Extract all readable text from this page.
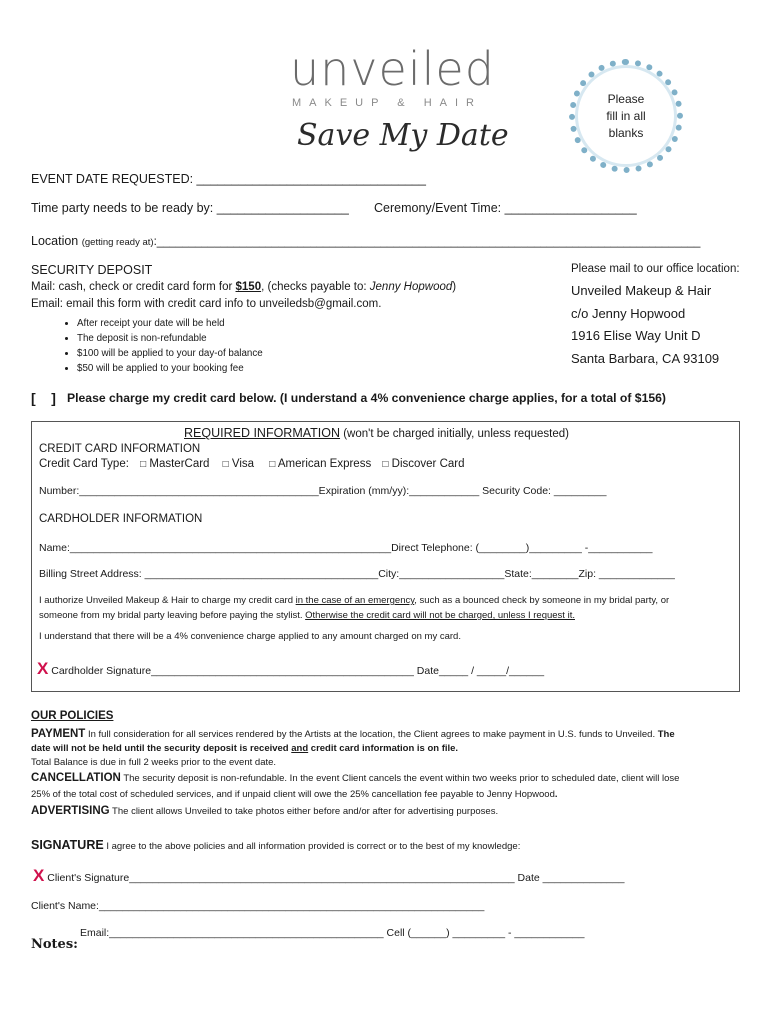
unveiled
MAKEUP & HAIR
Save My Date
Please
fill in all
blanks
EVENT DATE REQUESTED: _________________________________
Time party needs to be ready by: ___________________ Ceremony/Event Time: ___________________
Location (getting ready at):_____________________________________________________________________________________
SECURITY DEPOSIT
Mail: cash, check or credit card form for $150, (checks payable to: Jenny Hopwood)
Email: email this form with credit card info to unveiledsb@gmail.com.
• After receipt your date will be held
• The deposit is non-refundable
• $100 will be applied to your day-of balance
• $50 will be applied to your booking fee
Please mail to our office location:
Unveiled Makeup & Hair
c/o Jenny Hopwood
1916 Elise Way Unit D
Santa Barbara, CA 93109
[    ] Please charge my credit card below. (I understand a 4% convenience charge applies, for a total of $156)
REQUIRED INFORMATION (won't be charged initially, unless requested)
CREDIT CARD INFORMATION
Credit Card Type: □ MasterCard □ Visa □ American Express □ Discover Card
Number:_________________________________________Expiration (mm/yy):____________ Security Code: _________
CARDHOLDER INFORMATION
Name:_______________________________________________________Direct Telephone: (________)_________ -___________
Billing Street Address: ________________________________________City:__________________State:________Zip: _____________
I authorize Unveiled Makeup & Hair to charge my credit card in the case of an emergency, such as a bounced check by someone in my bridal party, or
someone from my bridal party leaving before paying the stylist. Otherwise the credit card will not be charged, unless I request it.
I understand that there will be a 4% convenience charge applied to any amount charged on my card.
X Cardholder Signature_____________________________________________ Date_____ / _____/______
OUR POLICIES
PAYMENT In full consideration for all services rendered by the Artists at the location, the Client agrees to make payment in U.S. funds to Unveiled. The
date will not be held until the security deposit is received and credit card information is on file.
Total Balance is due in full 2 weeks prior to the event date.
CANCELLATION The security deposit is non-refundable. In the event Client cancels the event within two weeks prior to scheduled date, client will lose
25% of the total cost of scheduled services, and if unpaid client will owe the 25% cancellation fee payable to Jenny Hopwood.
ADVERTISING The client allows Unveiled to take photos either before and/or after for advertising purposes.
SIGNATURE I agree to the above policies and all information provided is correct or to the best of my knowledge:
X Client's Signature__________________________________________________________________ Date ______________
Client's Name:__________________________________________________________________
Email:_______________________________________________ Cell (______) _________ - ____________
Notes:
